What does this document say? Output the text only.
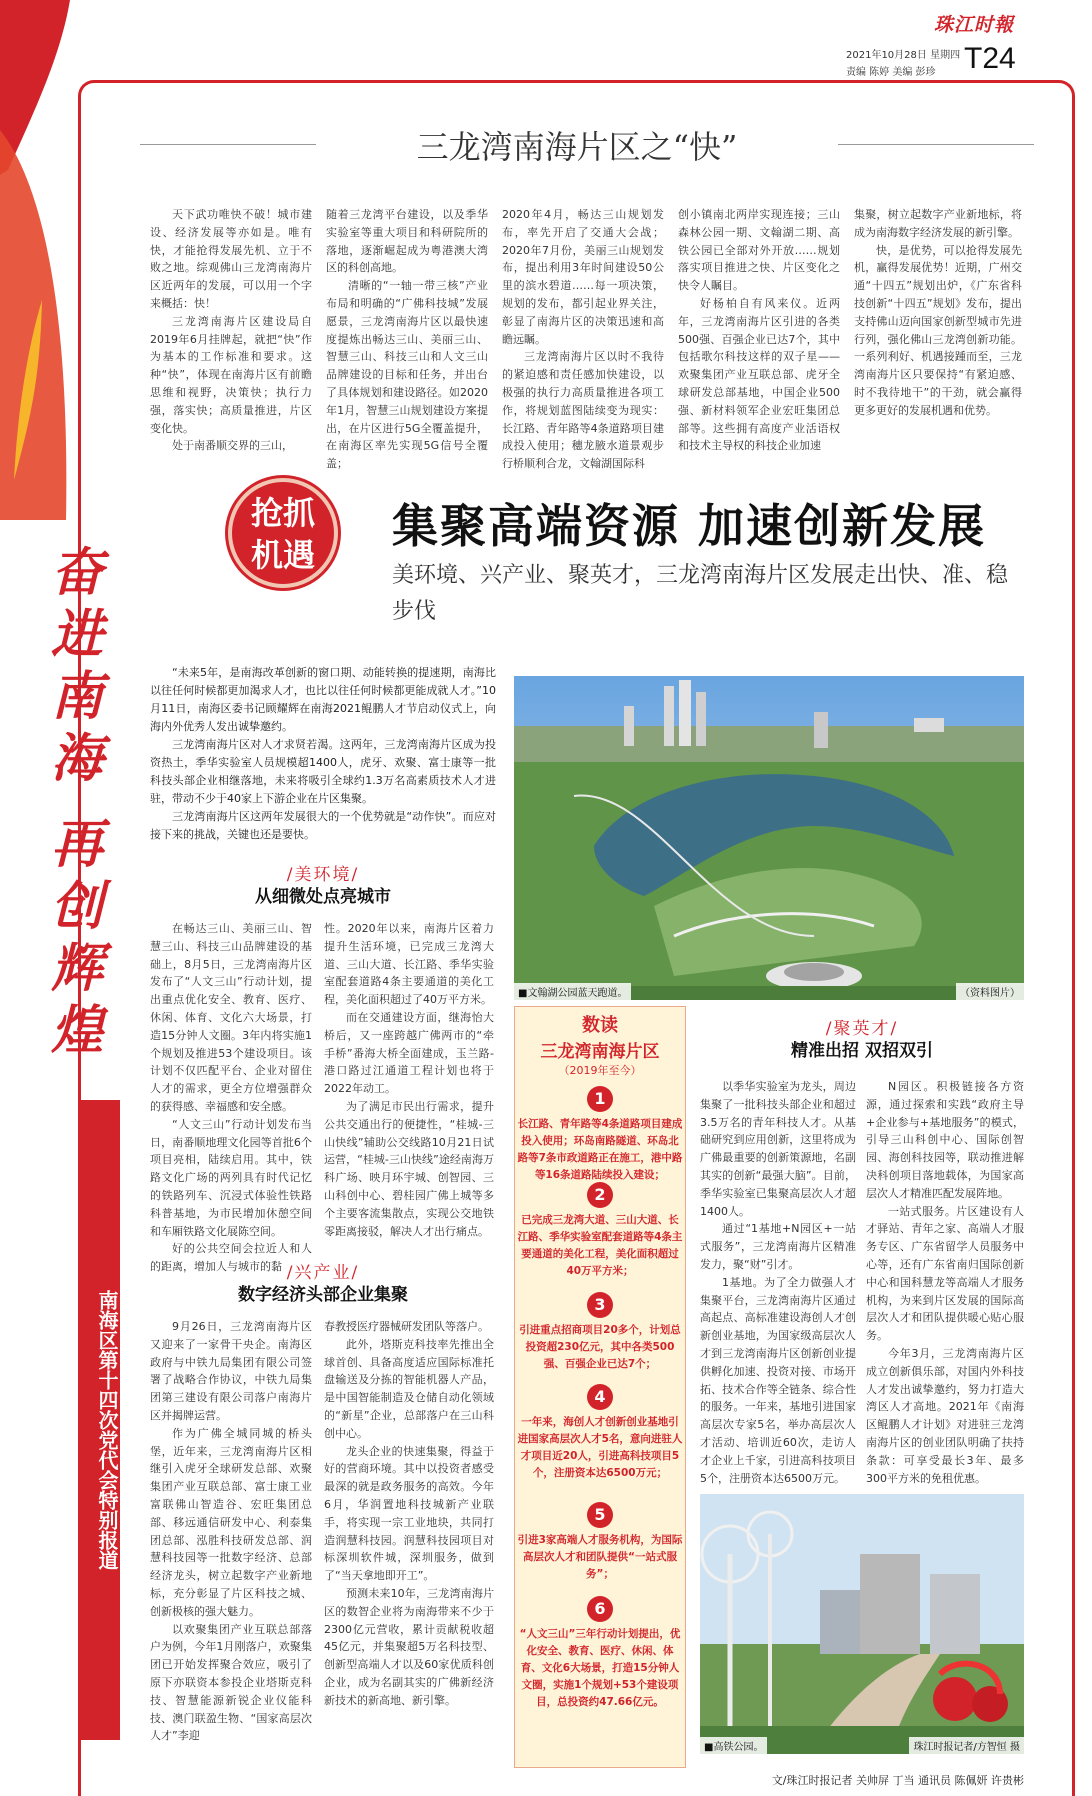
珠江时報
2021年10月28日 星期四
责编 陈婷 美编 彭珍 T24
奋
进
南
海
再
创
辉
煌
南海区第十四次党代会特别报道
三龙湾南海片区之“快”

天下武功唯快不破！城市建设、经济发展等亦如是。唯有快，才能抢得发展先机、立于不败之地。综观佛山三龙湾南海片区近两年的发展，可以用一个字来概括：快！

三龙湾南海片区建设局自2019年6月挂牌起，就把“快”作为基本的工作标准和要求。这种“快”，体现在南海片区有前瞻思维和视野，决策快；执行力强，落实快；高质量推进，片区变化快。

处于南番顺交界的三山，

随着三龙湾平台建设，以及季华实验室等重大项目和科研院所的落地，逐渐崛起成为粤港澳大湾区的科创高地。

清晰的“一轴一带三核”产业布局和明确的“广佛科技城”发展愿景，三龙湾南海片区以最快速度提炼出畅达三山、美丽三山、智慧三山、科技三山和人文三山品牌建设的目标和任务，并出台了具体规划和建设路径。如2020年1月，智慧三山规划建设方案提出，在片区进行5G全覆盖提升，在南海区率先实现5G信号全覆盖；

2020年4月，畅达三山规划发布，率先开启了交通大会战；2020年7月份，美丽三山规划发布，提出利用3年时间建设50公里的滨水碧道……每一项决策，规划的发布，都引起业界关注，彰显了南海片区的决策迅速和高瞻远瞩。

三龙湾南海片区以时不我待的紧迫感和责任感加快建设，以极强的执行力高质量推进各项工作，将规划蓝图陆续变为现实：长江路、青年路等4条道路项目建成投入使用；穗龙腋水道景观步行桥顺利合龙，文翰湖国际科

创小镇南北两岸实现连接；三山森林公园一期、文翰湖二期、高铁公园已全部对外开放……规划落实项目推进之快、片区变化之快令人瞩目。

好杨柏自有风来仪。近两年，三龙湾南海片区引进的各类500强、百强企业已达7个，其中包括歌尔科技这样的双子星——欢聚集团产业互联总部、虎牙全球研发总部基地，中国企业500强、新材料领军企业宏旺集团总部等。这些拥有高度产业活语权和技术主导权的科技企业加速

集聚，树立起数字产业新地标，将成为南海数字经济发展的新引擎。

快，是优势，可以抢得发展先机，赢得发展优势！近期，广州交通“十四五”规划出炉，《广东省科技创新“十四五”规划》发布，提出支持佛山迈向国家创新型城市先进行列，强化佛山三龙湾创新功能。一系列利好、机遇接踵而至，三龙湾南海片区只要保持“有紧迫感、时不我待地干”的干劲，就会赢得更多更好的发展机遇和优势。

抢抓
机遇
集聚高端资源 加速创新发展
美环境、兴产业、聚英才，三龙湾南海片区发展走出快、准、稳步伐

“未来5年，是南海改革创新的窗口期、动能转换的提速期，南海比以往任何时候都更加渴求人才，也比以往任何时候都更能成就人才。”10月11日，南海区委书记顾耀辉在南海2021鲲鹏人才节启动仪式上，向海内外优秀人发出诚挚邀约。

三龙湾南海片区对人才求贤若渴。这两年，三龙湾南海片区成为投资热土，季华实验室人员规模超1400人，虎牙、欢聚、富士康等一批科技头部企业相继落地，未来将吸引全球约1.3万名高素质技术人才进驻，带动不少于40家上下游企业在片区集聚。

三龙湾南海片区这两年发展很大的一个优势就是“动作快”。而应对接下来的挑战，关键也还是要快。

■文翰湖公园蓝天跑道。	（资料图片）
/美环境/
从细微处点亮城市

在畅达三山、美丽三山、智慧三山、科技三山品牌建设的基础上，8月5日，三龙湾南海片区发布了“人文三山”行动计划，提出重点优化安全、教育、医疗、休闲、体育、文化六大场景，打造15分钟人文圈。3年内将实施1个规划及推进53个建设项目。该计划不仅匹配平台、企业对留住人才的需求，更全方位增强群众的获得感、幸福感和安全感。

“人文三山”行动计划发布当日，南番顺地理文化园等首批6个项目亮相，陆续启用。其中，铁路文化广场的两列具有时代记忆的铁路列车、沉浸式体验性铁路科普基地，为市民增加休憩空间和车厢铁路文化展陈空间。

好的公共空间会拉近人和人的距离，增加人与城市的黏

性。2020年以来，南海片区着力提升生活环境，已完成三龙湾大道、三山大道、长江路、季华实验室配套道路4条主要通道的美化工程，美化面积超过了40万平方米。

而在交通建设方面，继海怡大桥后，又一座跨越广佛两市的“牵手桥”番海大桥全面建成，玉兰路-港口路过江通道工程计划也将于2022年动工。

为了满足市民出行需求，提升公共交通出行的便捷性，“桂城-三山快线”辅助公交线路10月21日试运营，“桂城-三山快线”途经南海万科广场、映月环宇城、创智园、三山科创中心、碧桂园广佛上城等多个主要客流集散点，实现公交地铁零距离接驳，解决人才出行痛点。

/兴产业/
数字经济头部企业集聚

9月26日，三龙湾南海片区又迎来了一家骨干央企。南海区政府与中铁九局集团有限公司签署了战略合作协议，中铁九局集团第三建设有限公司落户南海片区并揭牌运营。

作为广佛全城同城的桥头堡，近年来，三龙湾南海片区相继引入虎牙全球研发总部、欢聚集团产业互联总部、富士康工业富联佛山智造谷、宏旺集团总部、移远通信研发中心、利泰集团总部、泓胜科技研发总部、润慧科技园等一批数字经济、总部经济龙头，树立起数字产业新地标，充分彰显了片区科技之城、创新极核的强大魅力。

以欢聚集团产业互联总部落户为例，今年1月刚落户，欢聚集团已开始发挥聚合效应，吸引了原下亦联资本参投企业塔斯克科技、智慧能源新锐企业仪能科技、澳门联盈生物、“国家高层次人才”李迎

春教授医疗器械研发团队等落户。

此外，塔斯克科技率先推出全球首创、具备高度适应国际标准托盘输送及分拣的智能机器人产品，是中国智能制造及仓储自动化领域的“新星”企业，总部落户在三山科创中心。

龙头企业的快速集聚，得益于好的营商环境。其中以投资者感受最深的就是政务服务的高效。今年6月，华润置地科技城新产业联手，将实现一宗工业地块，共同打造润慧科技园。润慧科技园项目对标深圳软件城，深圳服务，做到了“当天拿地即开工”。

预测未来10年，三龙湾南海片区的数智企业将为南海带来不少于2300亿元营收，累计贡献税收超45亿元，并集聚超5万名科技型、创新型高端人才以及60家优质科创企业，成为名副其实的广佛新经济新技术的新高地、新引擎。

数读
三龙湾南海片区
（2019年至今）
1
长江路、青年路等4条道路项目建成投入使用；环岛南路隧道、环岛北路等7条市政道路正在施工，港中路等16条道路陆续投入建设；
2
已完成三龙湾大道、三山大道、长江路、季华实验室配套道路等4条主要通道的美化工程，美化面积超过40万平方米；
3
引进重点招商项目20多个，计划总投资超230亿元，其中各类500强、百强企业已达7个；
4
一年来，海创人才创新创业基地引进国家高层次人才5名，意向进驻人才项目近20人，引进高科技项目5个，注册资本达6500万元；
5
引进3家高端人才服务机构，为国际高层次人才和团队提供“一站式服务”；
6
“人文三山”三年行动计划提出，优化安全、教育、医疗、休闲、体育、文化6大场景，打造15分钟人文圈，实施1个规划+53个建设项目，总投资约47.66亿元。
/聚英才/
精准出招 双招双引

以季华实验室为龙头，周边集聚了一批科技头部企业和超过3.5万名的青年科技人才。从基础研究到应用创新，这里将成为广佛最重要的创新策源地，名副其实的创新“最强大脑”。目前，季华实验室已集聚高层次人才超1400人。

通过“1基地+N园区+一站式服务”，三龙湾南海片区精准发力，聚“财”引才。

1基地。为了全力做强人才集聚平台，三龙湾南海片区通过高起点、高标准建设海创人才创新创业基地，为国家级高层次人才到三龙湾南海片区创新创业提供孵化加速、投资对接、市场开拓、技术合作等全链条、综合性的服务。一年来，基地引进国家高层次专家5名，举办高层次人才活动、培训近60次，走访人才企业上千家，引进高科技项目5个，注册资本达6500万元。

N园区。积极链接各方资源，通过探索和实践“政府主导+企业参与+基地服务”的模式，引导三山科创中心、国际创智园、海创科技园等，联动推进解决科创项目落地载体，为国家高层次人才精准匹配发展阵地。

一站式服务。片区建设有人才驿站、青年之家、高端人才服务专区、广东省留学人员服务中心等，还有广东省南归国际创新中心和国科慧龙等高端人才服务机构，为来到片区发展的国际高层次人才和团队提供暖心贴心服务。

今年3月，三龙湾南海片区成立创新俱乐部，对国内外科技人才发出诚挚邀约，努力打造大湾区人才高地。2021年《南海区鲲鹏人才计划》对进驻三龙湾南海片区的创业团队明确了扶持条款：可享受最长3年、最多300平方米的免租优惠。

■高铁公园。	珠江时报记者/方智恒 摄
文/珠江时报记者 关帅屏 丁当 通讯员 陈佩妍 许贵彬
